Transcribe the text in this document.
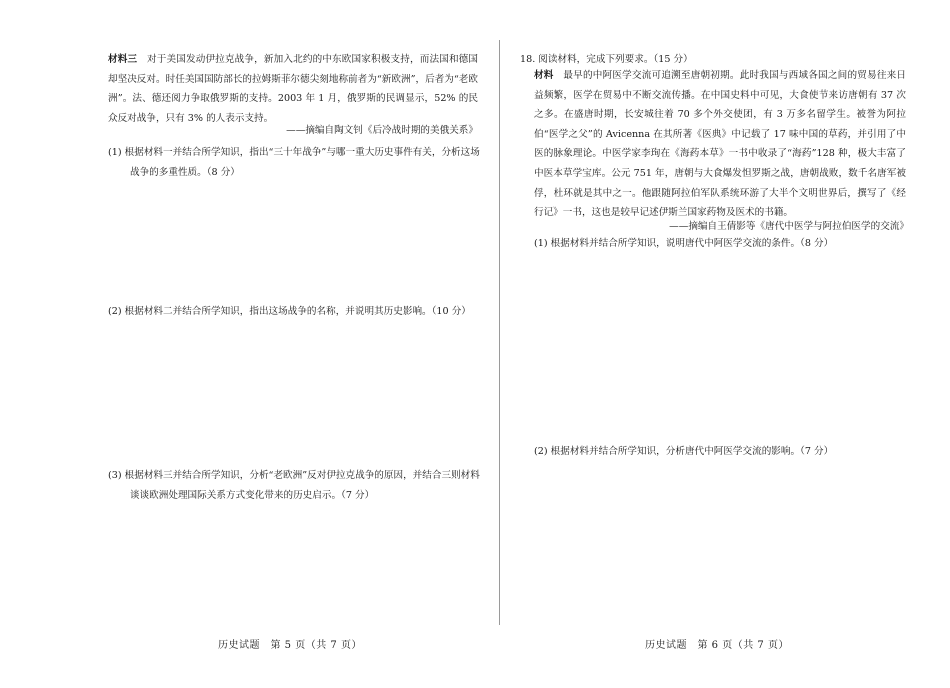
材料三　 对于美国发动伊拉克战争，新加入北约的中东欧国家积极支持，而法国和德国却坚决反对。时任美国国防部长的拉姆斯菲尔德尖刻地称前者为“新欧洲”，后者为“老欧洲”。法、德还阅力争取俄罗斯的支持。2003 年 1 月，俄罗斯的民调显示，52% 的民众反对战争，只有 3% 的人表示支持。

——摘编自陶文钊《后冷战时期的美俄关系》
(1) 根据材料一并结合所学知识，指出“三十年战争”与哪一重大历史事件有关，分析这场
战争的多重性质。（8 分）
(2) 根据材料二并结合所学知识，指出这场战争的名称，并说明其历史影响。（10 分）
(3) 根据材料三并结合所学知识，分析“老欧洲”反对伊拉克战争的原因，并结合三则材料
谈谈欧洲处理国际关系方式变化带来的历史启示。（7 分）
历史试题　第 5 页（共 7 页）
18. 阅读材料，完成下列要求。（15 分）

材料　 最早的中阿医学交流可追溯至唐朝初期。此时我国与西域各国之间的贸易往来日益频繁，医学在贸易中不断交流传播。在中国史料中可见，大食使节来访唐朝有 37 次之多。在盛唐时期，长安城往着 70 多个外交使团，有 3 万多名留学生。被誉为阿拉伯“医学之父”的 Avicenna 在其所著《医典》中记载了 17 味中国的草药，并引用了中医的脉象理论。中医学家李珣在《海药本草》一书中收录了“海药”128 种，极大丰富了中医本草学宝库。公元 751 年，唐朝与大食爆发怛罗斯之战，唐朝战败，数千名唐军被俘，杜环就是其中之一。他跟随阿拉伯军队系统环游了大半个文明世界后，撰写了《经行记》一书，这也是较早记述伊斯兰国家药物及医术的书籍。

——摘编自王倩影等《唐代中医学与阿拉伯医学的交流》
(1) 根据材料并结合所学知识，说明唐代中阿医学交流的条件。（8 分）
(2) 根据材料并结合所学知识，分析唐代中阿医学交流的影响。（7 分）
历史试题　第 6 页（共 7 页）
